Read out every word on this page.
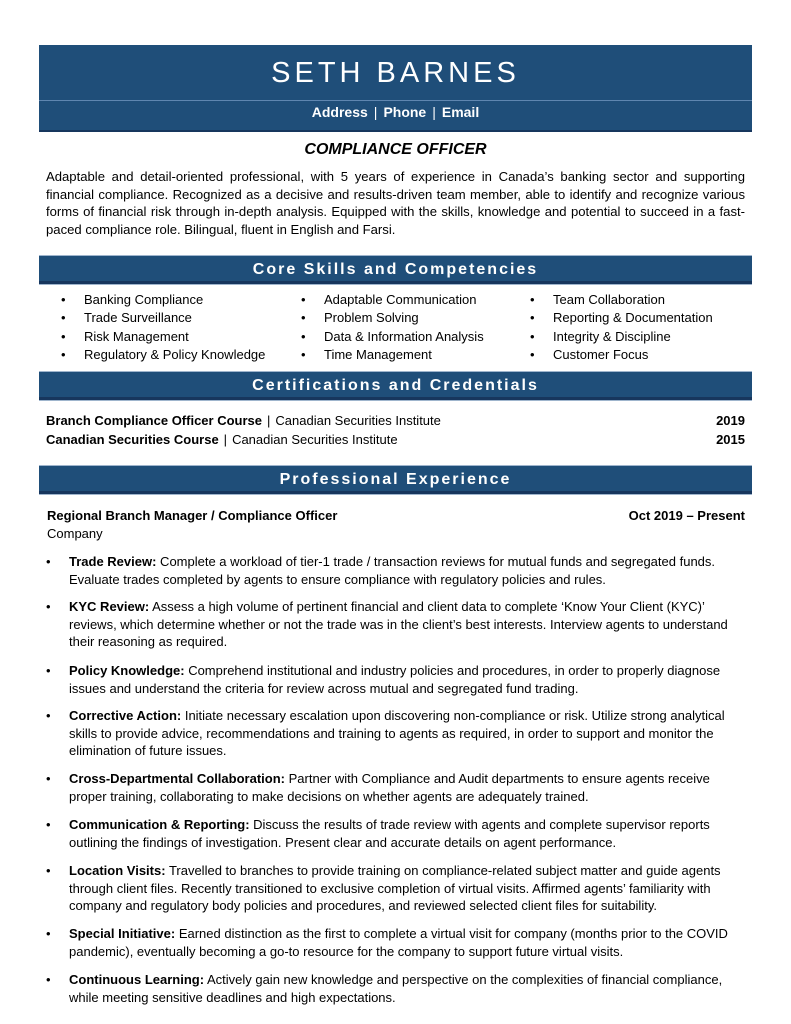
SETH BARNES
Address | Phone | Email
COMPLIANCE OFFICER
Adaptable and detail-oriented professional, with 5 years of experience in Canada’s banking sector and supporting financial compliance. Recognized as a decisive and results-driven team member, able to identify and recognize various forms of financial risk through in-depth analysis. Equipped with the skills, knowledge and potential to succeed in a fast-paced compliance role. Bilingual, fluent in English and Farsi.
Core Skills and Competencies
• Banking Compliance
• Trade Surveillance
• Risk Management
• Regulatory & Policy Knowledge
• Adaptable Communication
• Problem Solving
• Data & Information Analysis
• Time Management
• Team Collaboration
• Reporting & Documentation
• Integrity & Discipline
• Customer Focus
Certifications and Credentials
Branch Compliance Officer Course | Canadian Securities Institute	2019
Canadian Securities Course | Canadian Securities Institute	2015
Professional Experience
Regional Branch Manager / Compliance Officer	Oct 2019 – Present
Company
• Trade Review: Complete a workload of tier-1 trade / transaction reviews for mutual funds and segregated funds. Evaluate trades completed by agents to ensure compliance with regulatory policies and rules.
• KYC Review: Assess a high volume of pertinent financial and client data to complete ‘Know Your Client (KYC)’ reviews, which determine whether or not the trade was in the client’s best interests. Interview agents to understand their reasoning as required.
• Policy Knowledge: Comprehend institutional and industry policies and procedures, in order to properly diagnose issues and understand the criteria for review across mutual and segregated fund trading.
• Corrective Action: Initiate necessary escalation upon discovering non-compliance or risk. Utilize strong analytical skills to provide advice, recommendations and training to agents as required, in order to support and monitor the elimination of future issues.
• Cross-Departmental Collaboration: Partner with Compliance and Audit departments to ensure agents receive proper training, collaborating to make decisions on whether agents are adequately trained.
• Communication & Reporting: Discuss the results of trade review with agents and complete supervisor reports outlining the findings of investigation. Present clear and accurate details on agent performance.
• Location Visits: Travelled to branches to provide training on compliance-related subject matter and guide agents through client files. Recently transitioned to exclusive completion of virtual visits. Affirmed agents’ familiarity with company and regulatory body policies and procedures, and reviewed selected client files for suitability.
• Special Initiative: Earned distinction as the first to complete a virtual visit for company (months prior to the COVID pandemic), eventually becoming a go-to resource for the company to support future virtual visits.
• Continuous Learning: Actively gain new knowledge and perspective on the complexities of financial compliance, while meeting sensitive deadlines and high expectations.
